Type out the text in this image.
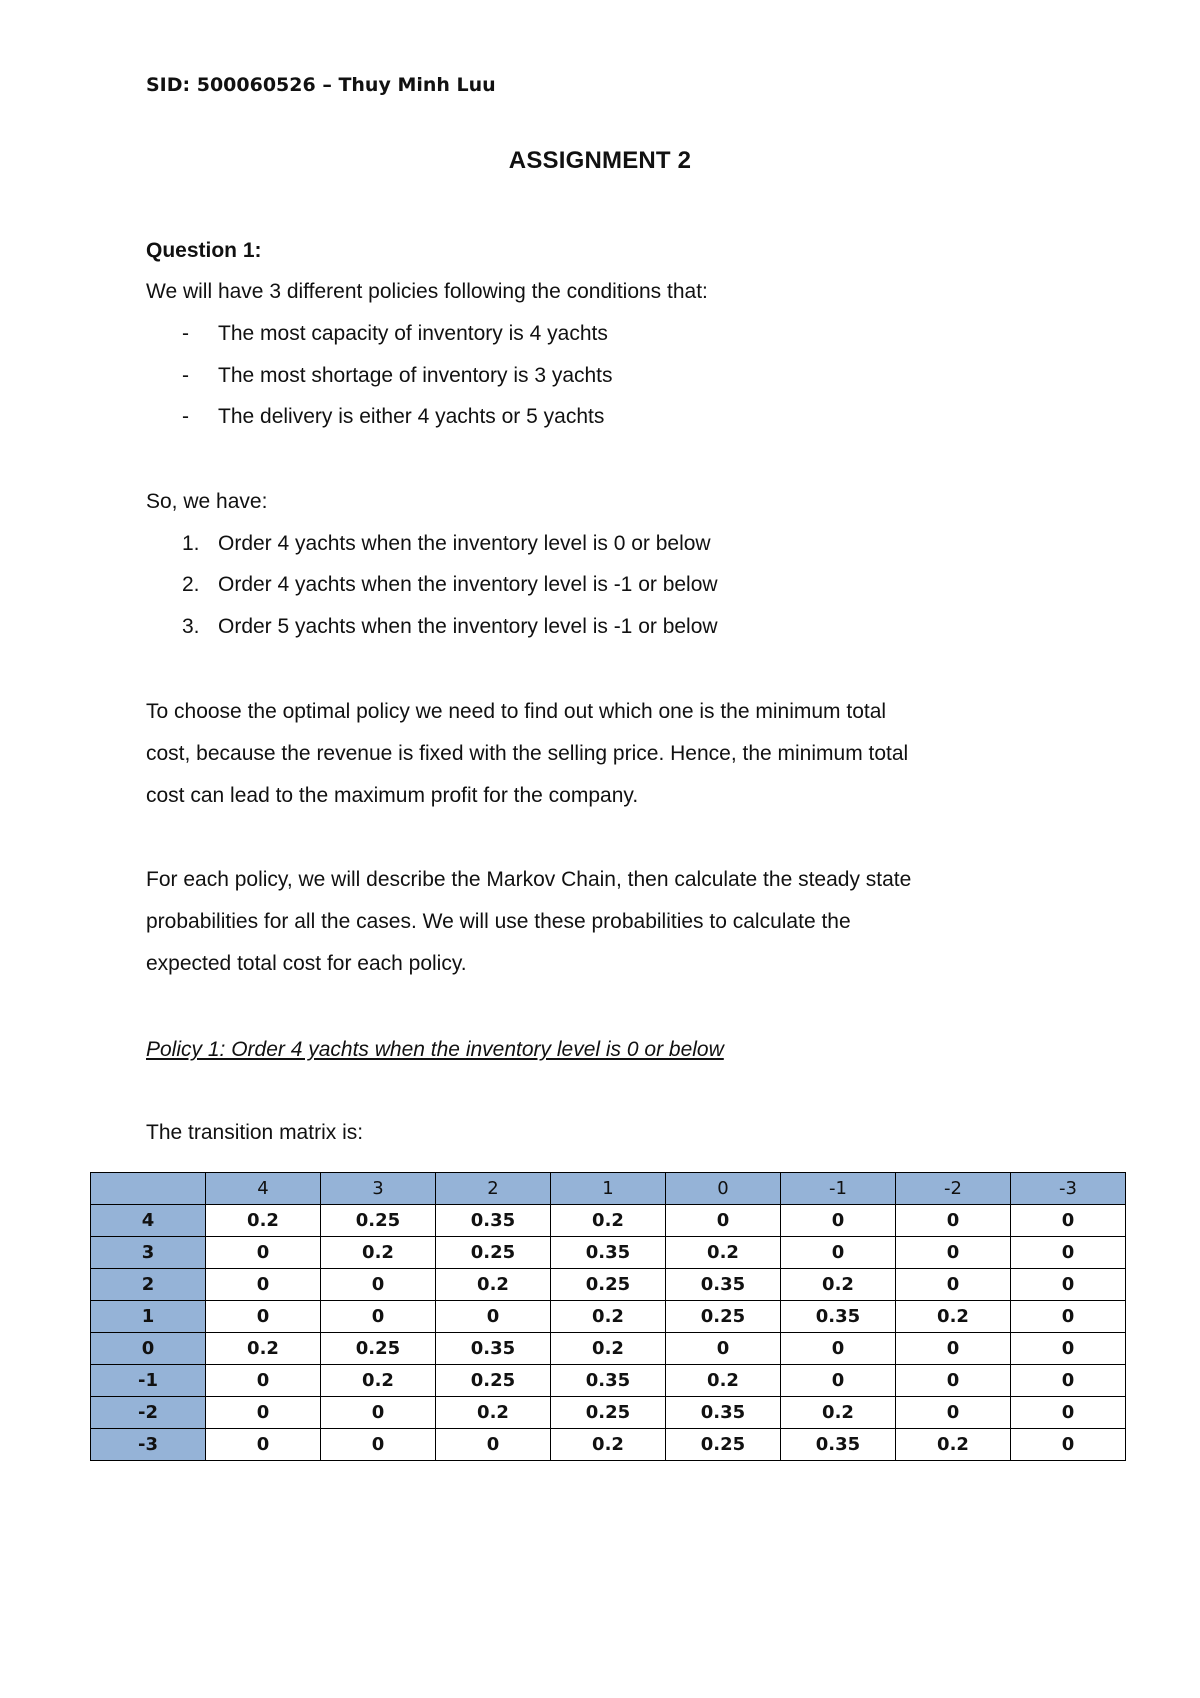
SID: 500060526 – Thuy Minh Luu
ASSIGNMENT 2
Question 1:
We will have 3 different policies following the conditions that:
- The most capacity of inventory is 4 yachts
- The most shortage of inventory is 3 yachts
- The delivery is either 4 yachts or 5 yachts
So, we have:
1. Order 4 yachts when the inventory level is 0 or below
2. Order 4 yachts when the inventory level is -1 or below
3. Order 5 yachts when the inventory level is -1 or below
To choose the optimal policy we need to find out which one is the minimum total
cost, because the revenue is fixed with the selling price. Hence, the minimum total
cost can lead to the maximum profit for the company.
For each policy, we will describe the Markov Chain, then calculate the steady state
probabilities for all the cases. We will use these probabilities to calculate the
expected total cost for each policy.
Policy 1: Order 4 yachts when the inventory level is 0 or below
The transition matrix is:
	4	3	2	1	0	-1	-2	-3
4	0.2	0.25	0.35	0.2	0	0	0	0
3	0	0.2	0.25	0.35	0.2	0	0	0
2	0	0	0.2	0.25	0.35	0.2	0	0
1	0	0	0	0.2	0.25	0.35	0.2	0
0	0.2	0.25	0.35	0.2	0	0	0	0
-1	0	0.2	0.25	0.35	0.2	0	0	0
-2	0	0	0.2	0.25	0.35	0.2	0	0
-3	0	0	0	0.2	0.25	0.35	0.2	0
